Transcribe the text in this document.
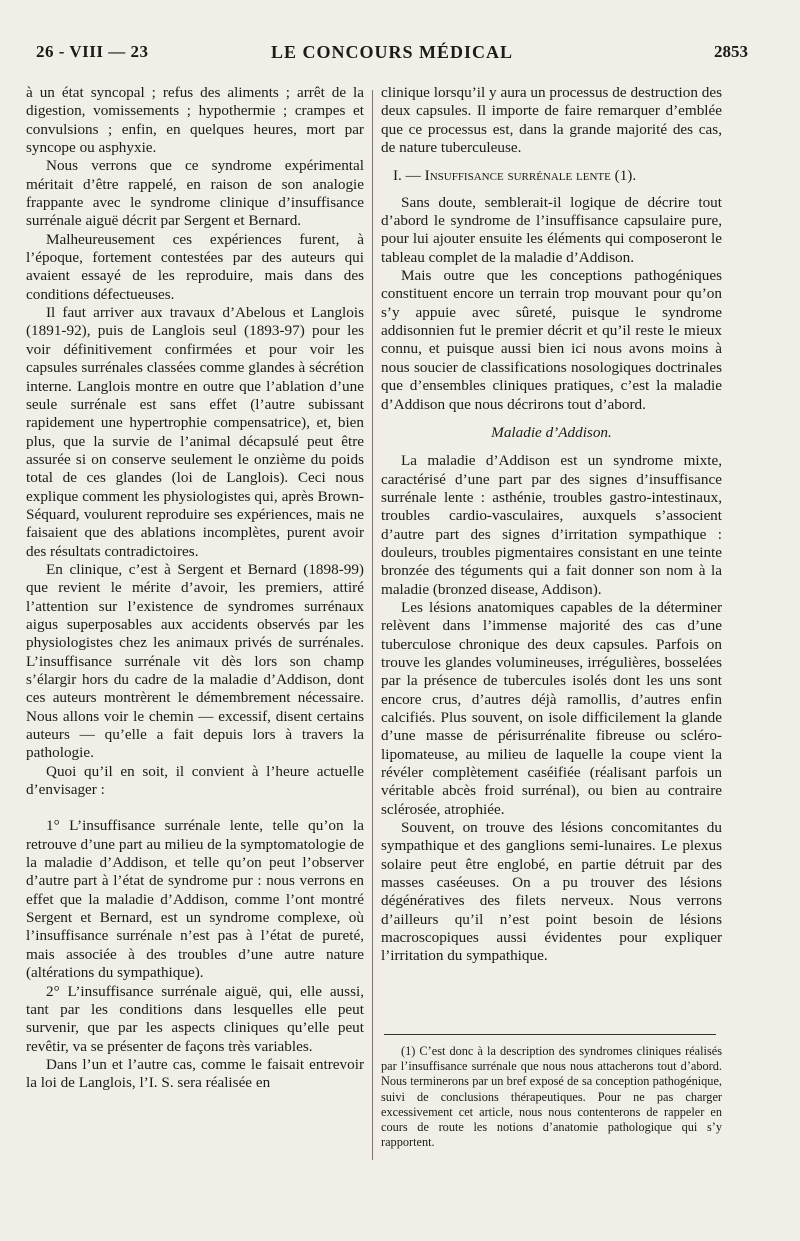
26 - VIII — 23	LE CONCOURS MÉDICAL	2853

à un état syncopal ; refus des aliments ; arrêt de la digestion, vomissements ; hypothermie ; crampes et convulsions ; enfin, en quelques heures, mort par syncope ou asphyxie.

Nous verrons que ce syndrome expérimental méritait d’être rappelé, en raison de son analogie frappante avec le syndrome clinique d’insuffisance surrénale aiguë décrit par Sergent et Bernard.

Malheureusement ces expériences furent, à l’époque, fortement contestées par des auteurs qui avaient essayé de les reproduire, mais dans des conditions défectueuses.

Il faut arriver aux travaux d’Abelous et Langlois (1891-92), puis de Langlois seul (1893-97) pour les voir définitivement confirmées et pour voir les capsules surrénales classées comme glandes à sécrétion interne. Langlois montre en outre que l’ablation d’une seule surrénale est sans effet (l’autre subissant rapidement une hypertrophie compensatrice), et, bien plus, que la survie de l’animal décapsulé peut être assurée si on conserve seulement le onzième du poids total de ces glandes (loi de Langlois). Ceci nous explique comment les physiologistes qui, après Brown-Séquard, voulurent reproduire ses expériences, mais ne faisaient que des ablations incomplètes, purent avoir des résultats contradictoires.

En clinique, c’est à Sergent et Bernard (1898-99) que revient le mérite d’avoir, les premiers, attiré l’attention sur l’existence de syndromes surrénaux aigus superposables aux accidents observés par les physiologistes chez les animaux privés de surrénales. L’insuffisance surrénale vit dès lors son champ s’élargir hors du cadre de la maladie d’Addison, dont ces auteurs montrèrent le démembrement nécessaire. Nous allons voir le chemin — excessif, disent certains auteurs — qu’elle a fait depuis lors à travers la pathologie.

Quoi qu’il en soit, il convient à l’heure actuelle d’envisager :

1° L’insuffisance surrénale lente, telle qu’on la retrouve d’une part au milieu de la symptomatologie de la maladie d’Addison, et telle qu’on peut l’observer d’autre part à l’état de syndrome pur : nous verrons en effet que la maladie d’Addison, comme l’ont montré Sergent et Bernard, est un syndrome complexe, où l’insuffisance surrénale n’est pas à l’état de pureté, mais associée à des troubles d’une autre nature (altérations du sympathique).

2° L’insuffisance surrénale aiguë, qui, elle aussi, tant par les conditions dans lesquelles elle peut survenir, que par les aspects cliniques qu’elle peut revêtir, va se présenter de façons très variables.

Dans l’un et l’autre cas, comme le faisait entrevoir la loi de Langlois, l’I. S. sera réalisée en

clinique lorsqu’il y aura un processus de destruction des deux capsules. Il importe de faire remarquer d’emblée que ce processus est, dans la grande majorité des cas, de nature tuberculeuse.

I. — Insuffisance surrénale lente (1).

Sans doute, semblerait-il logique de décrire tout d’abord le syndrome de l’insuffisance capsulaire pure, pour lui ajouter ensuite les éléments qui composeront le tableau complet de la maladie d’Addison.

Mais outre que les conceptions pathogéniques constituent encore un terrain trop mouvant pour qu’on s’y appuie avec sûreté, puisque le syndrome addisonnien fut le premier décrit et qu’il reste le mieux connu, et puisque aussi bien ici nous avons moins à nous soucier de classifications nosologiques doctrinales que d’ensembles cliniques pratiques, c’est la maladie d’Addison que nous décrirons tout d’abord.

Maladie d’Addison.

La maladie d’Addison est un syndrome mixte, caractérisé d’une part par des signes d’insuffisance surrénale lente : asthénie, troubles gastro-intestinaux, troubles cardio-vasculaires, auxquels s’associent d’autre part des signes d’irritation sympathique : douleurs, troubles pigmentaires consistant en une teinte bronzée des téguments qui a fait donner son nom à la maladie (bronzed disease, Addison).

Les lésions anatomiques capables de la déterminer relèvent dans l’immense majorité des cas d’une tuberculose chronique des deux capsules. Parfois on trouve les glandes volumineuses, irrégulières, bosselées par la présence de tubercules isolés dont les uns sont encore crus, d’autres déjà ramollis, d’autres enfin calcifiés. Plus souvent, on isole difficilement la glande d’une masse de périsurrénalite fibreuse ou scléro-lipomateuse, au milieu de laquelle la coupe vient la révéler complètement caséifiée (réalisant parfois un véritable abcès froid surrénal), ou bien au contraire sclérosée, atrophiée.

Souvent, on trouve des lésions concomitantes du sympathique et des ganglions semi-lunaires. Le plexus solaire peut être englobé, en partie détruit par des masses caséeuses. On a pu trouver des lésions dégénératives des filets nerveux. Nous verrons d’ailleurs qu’il n’est point besoin de lésions macroscopiques aussi évidentes pour expliquer l’irritation du sympathique.

(1) C’est donc à la description des syndromes cliniques réalisés par l’insuffisance surrénale que nous nous attacherons tout d’abord. Nous terminerons par un bref exposé de sa conception pathogénique, suivi de conclusions thérapeutiques. Pour ne pas charger excessivement cet article, nous nous contenterons de rappeler en cours de route les notions d’anatomie pathologique qui s’y rapportent.
